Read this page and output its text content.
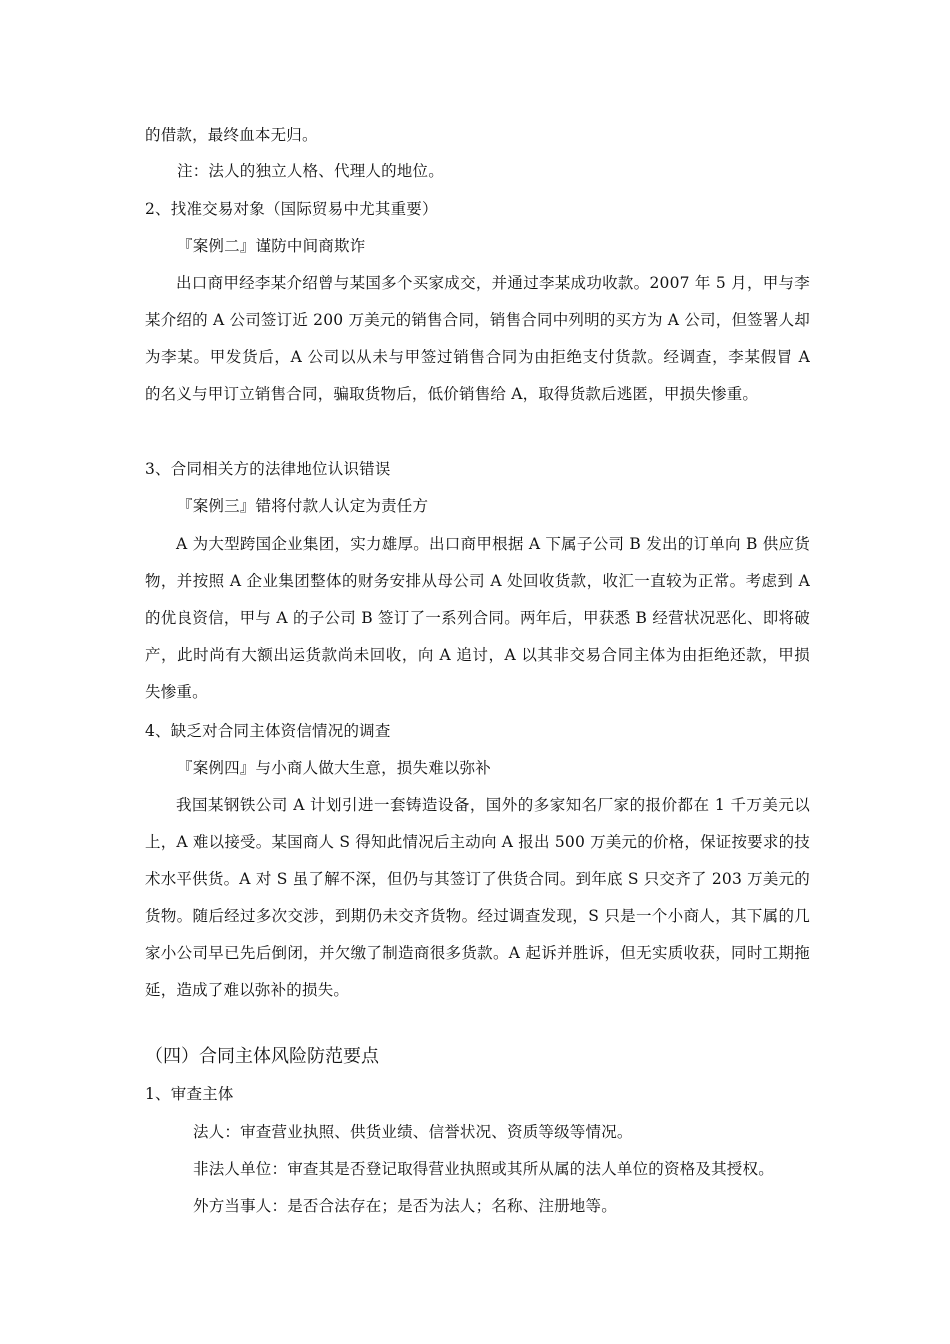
的借款，最终血本无归。
注：法人的独立人格、代理人的地位。
2、找准交易对象（国际贸易中尤其重要）
『案例二』谨防中间商欺诈
出口商甲经李某介绍曾与某国多个买家成交，并通过李某成功收款。2007 年 5 月，甲与李某介绍的 A 公司签订近 200 万美元的销售合同，销售合同中列明的买方为 A 公司，但签署人却为李某。甲发货后，A 公司以从未与甲签过销售合同为由拒绝支付货款。经调查，李某假冒 A 的名义与甲订立销售合同，骗取货物后，低价销售给 A，取得货款后逃匿，甲损失惨重。
3、合同相关方的法律地位认识错误
『案例三』错将付款人认定为责任方
A 为大型跨国企业集团，实力雄厚。出口商甲根据 A 下属子公司 B 发出的订单向 B 供应货物，并按照 A 企业集团整体的财务安排从母公司 A 处回收货款，收汇一直较为正常。考虑到 A 的优良资信，甲与 A 的子公司 B 签订了一系列合同。两年后，甲获悉 B 经营状况恶化、即将破产，此时尚有大额出运货款尚未回收，向 A 追讨，A 以其非交易合同主体为由拒绝还款，甲损失惨重。
4、缺乏对合同主体资信情况的调查
『案例四』与小商人做大生意，损失难以弥补
我国某钢铁公司 A 计划引进一套铸造设备，国外的多家知名厂家的报价都在 1 千万美元以上，A 难以接受。某国商人 S 得知此情况后主动向 A 报出 500 万美元的价格，保证按要求的技术水平供货。A 对 S 虽了解不深，但仍与其签订了供货合同。到年底 S 只交齐了 203 万美元的货物。随后经过多次交涉，到期仍未交齐货物。经过调查发现，S 只是一个小商人，其下属的几家小公司早已先后倒闭，并欠缴了制造商很多货款。A 起诉并胜诉，但无实质收获，同时工期拖延，造成了难以弥补的损失。
（四）合同主体风险防范要点
1、审查主体
法人：审查营业执照、供货业绩、信誉状况、资质等级等情况。
非法人单位：审查其是否登记取得营业执照或其所从属的法人单位的资格及其授权。
外方当事人：是否合法存在；是否为法人；名称、注册地等。
